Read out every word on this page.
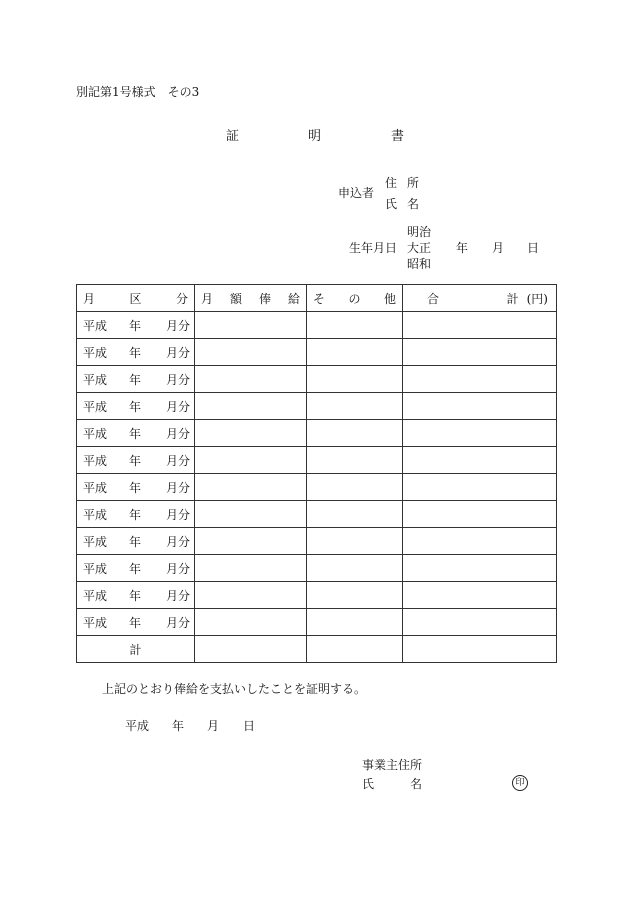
別記第1号様式　その3
証	明	書
申込者
住 所
氏 名
生年月日
明治
大正
昭和
年 月 日
月 区 分	月 額 俸 給	そ の 他	合 計 (円)

平成 年 月分			

平成 年 月分			

平成 年 月分			

平成 年 月分			

平成 年 月分			

平成 年 月分			

平成 年 月分			

平成 年 月分			

平成 年 月分			

平成 年 月分			

平成 年 月分			

平成 年 月分			

計			
上記のとおり俸給を支払いしたことを証明する。
平成 年 月 日
事業主住所
氏	名	印
